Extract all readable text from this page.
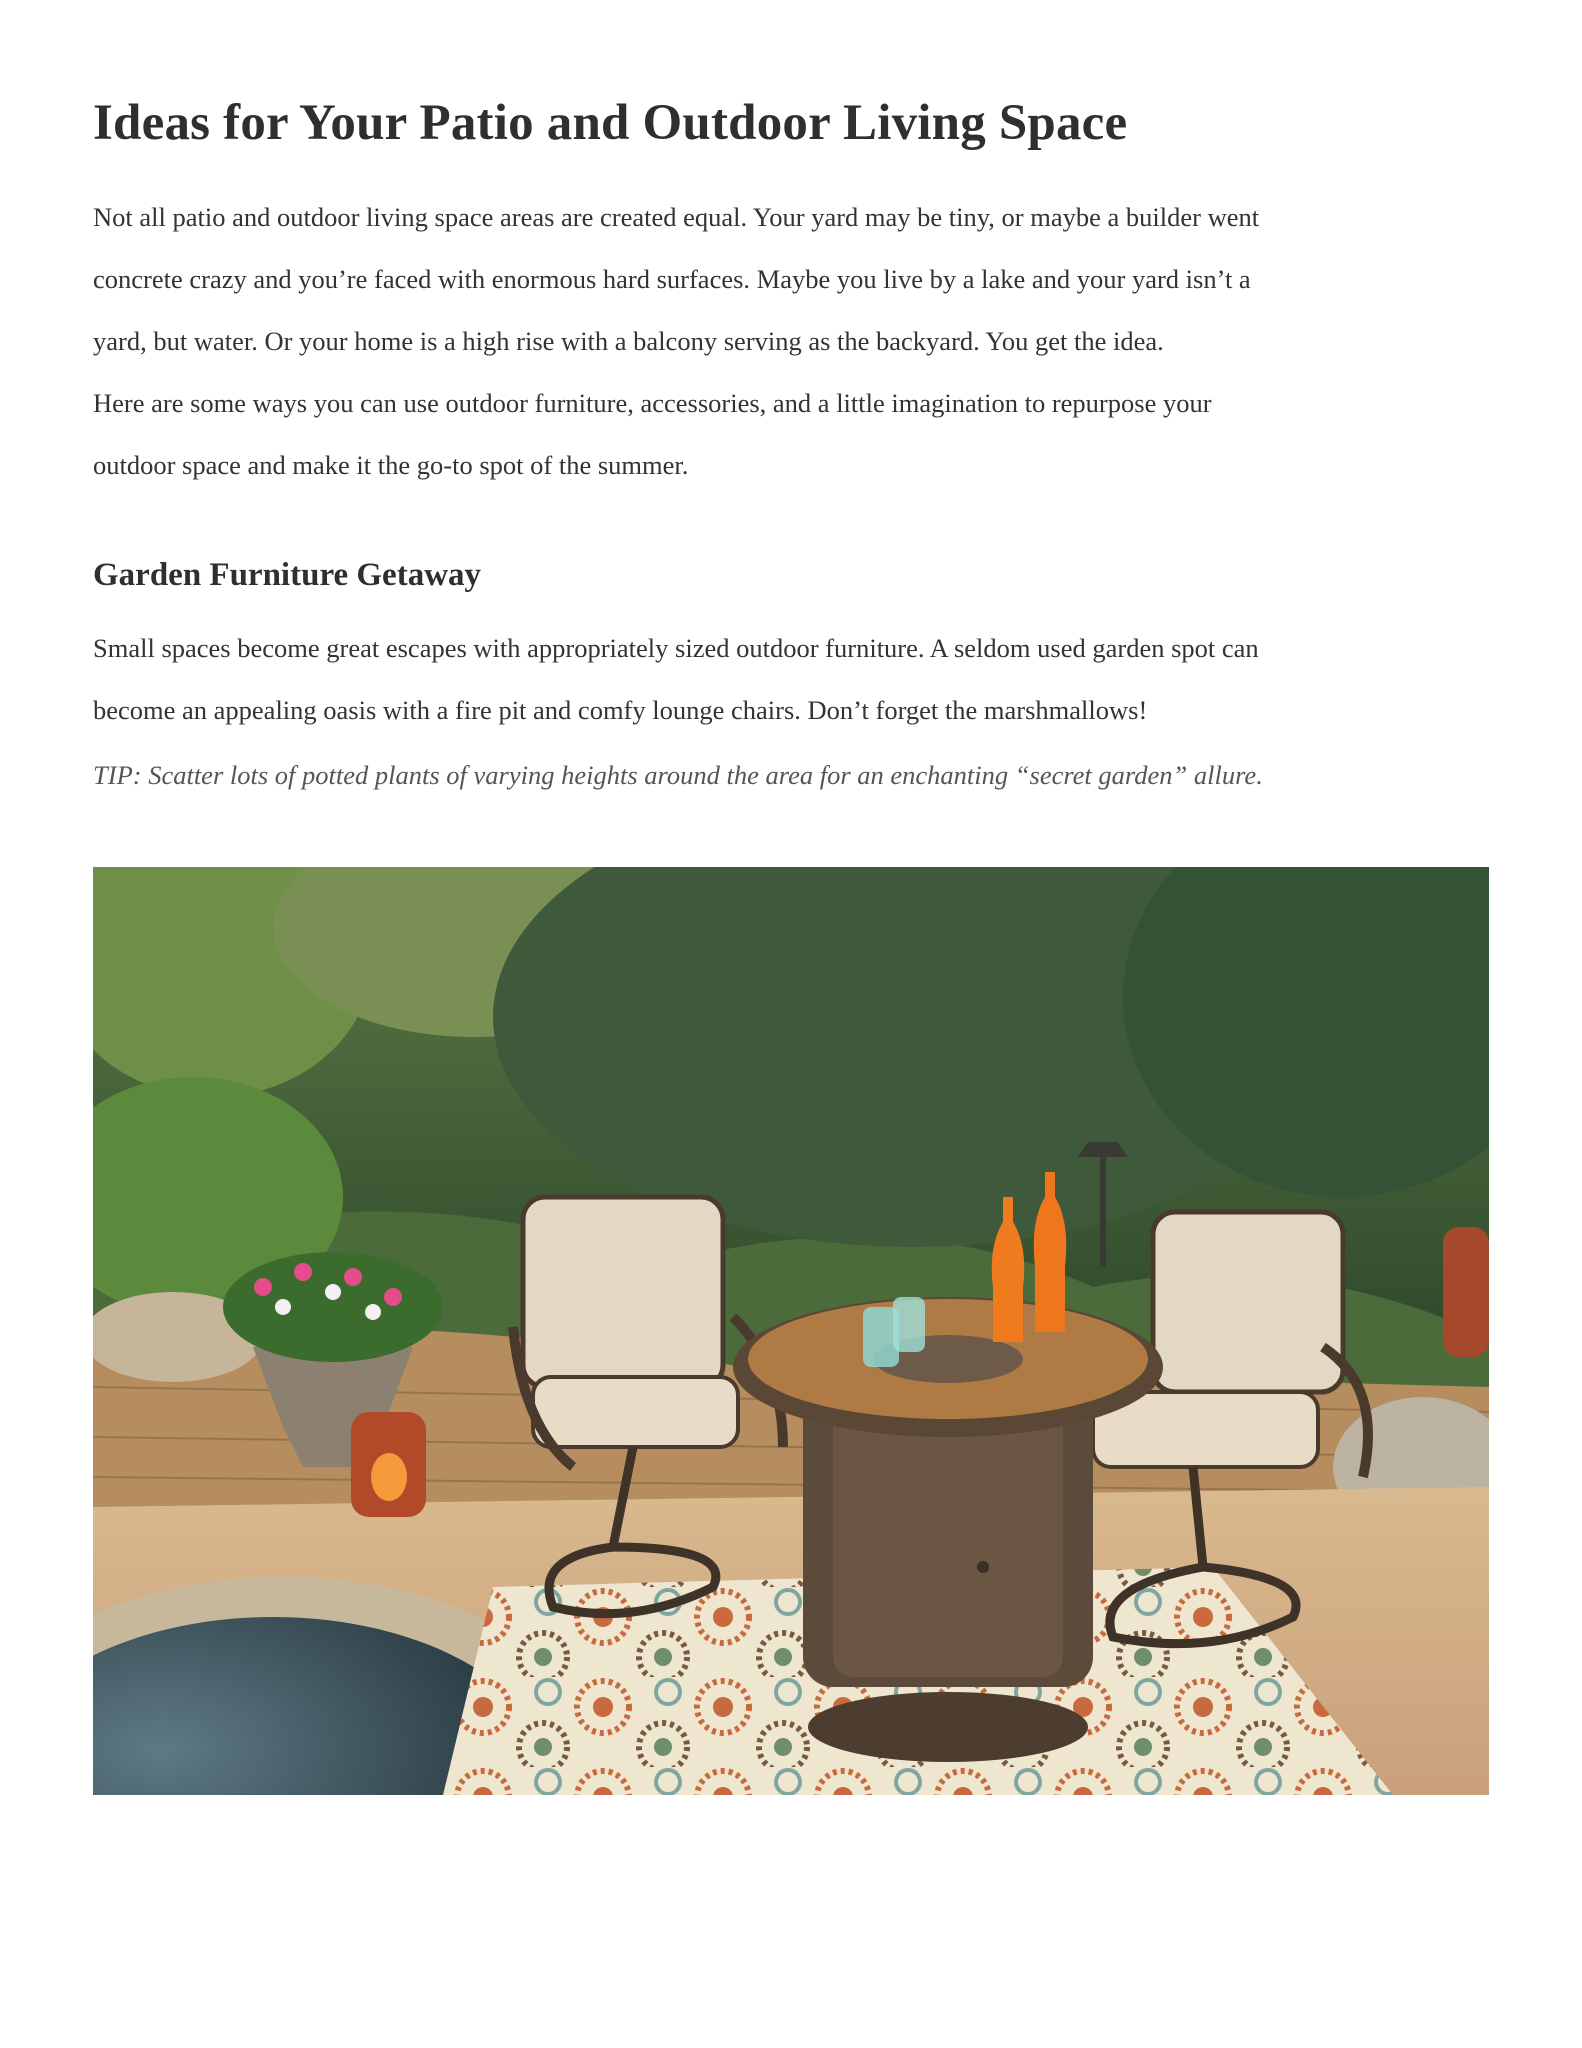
Ideas for Your Patio and Outdoor Living Space
Not all patio and outdoor living space areas are created equal. Your yard may be tiny, or maybe a builder went
concrete crazy and you’re faced with enormous hard surfaces. Maybe you live by a lake and your yard isn’t a
yard, but water. Or your home is a high rise with a balcony serving as the backyard. You get the idea.
Here are some ways you can use outdoor furniture, accessories, and a little imagination to repurpose your
outdoor space and make it the go-to spot of the summer.
Garden Furniture Getaway
Small spaces become great escapes with appropriately sized outdoor furniture. A seldom used garden spot can
become an appealing oasis with a fire pit and comfy lounge chairs. Don’t forget the marshmallows!

TIP: Scatter lots of potted plants of varying heights around the area for an enchanting “secret garden” allure.
